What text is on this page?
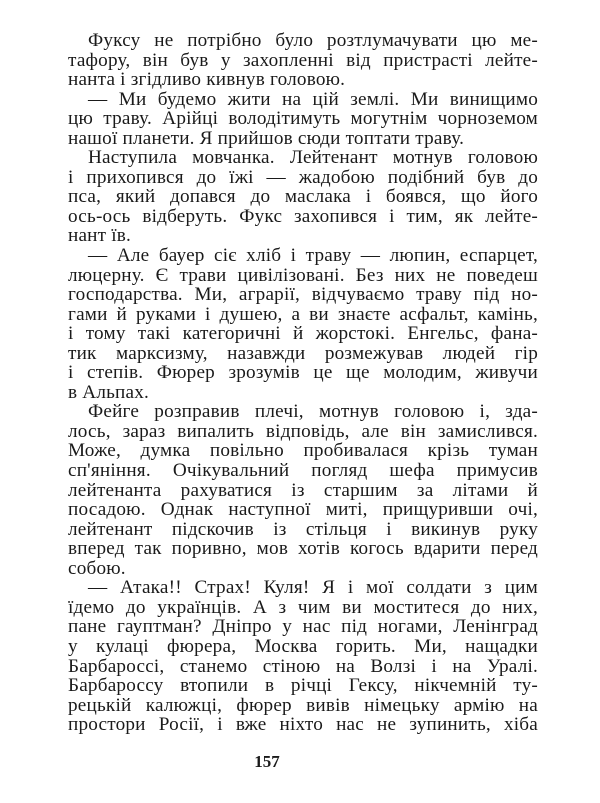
Фуксу не потрібно було розтлумачувати цю ме-
тафору, він був у захопленні від пристрасті лейте-
нанта і згідливо кивнув головою.
— Ми будемо жити на цій землі. Ми винищимо
цю траву. Арійці володітимуть могутнім чорноземом
нашої планети. Я прийшов сюди топтати траву.
Наступила мовчанка. Лейтенант мотнув головою
і прихопився до їжі — жадобою подібний був до
пса, який допався до маслака і боявся, що його
ось-ось відберуть. Фукс захопився і тим, як лейте-
нант їв.
— Але бауер сіє хліб і траву — люпин, еспарцет,
люцерну. Є трави цивілізовані. Без них не поведеш
господарства. Ми, аграрії, відчуваємо траву під но-
гами й руками і душею, а ви знаєте асфальт, камінь,
і тому такі категоричні й жорстокі. Енгельс, фана-
тик марксизму, назавжди розмежував людей гір
і степів. Фюрер зрозумів це ще молодим, живучи
в Альпах.
Фейге розправив плечі, мотнув головою і, зда-
лось, зараз випалить відповідь, але він замислився.
Може, думка повільно пробивалася крізь туман
сп'яніння. Очікувальний погляд шефа примусив
лейтенанта рахуватися із старшим за літами й
посадою. Однак наступної миті, прищуривши очі,
лейтенант підскочив із стільця і викинув руку
вперед так поривно, мов хотів когось вдарити перед
собою.
— Атака!! Страх! Куля! Я і мої солдати з цим
їдемо до українців. А з чим ви моститеся до них,
пане гауптман? Дніпро у нас під ногами, Ленінград
у кулаці фюрера, Москва горить. Ми, нащадки
Барбароссі, станемо стіною на Волзі і на Уралі.
Барбароссу втопили в річці Гексу, нікчемній ту-
рецькій калюжці, фюрер вивів німецьку армію на
простори Росії, і вже ніхто нас не зупинить, хіба
157
